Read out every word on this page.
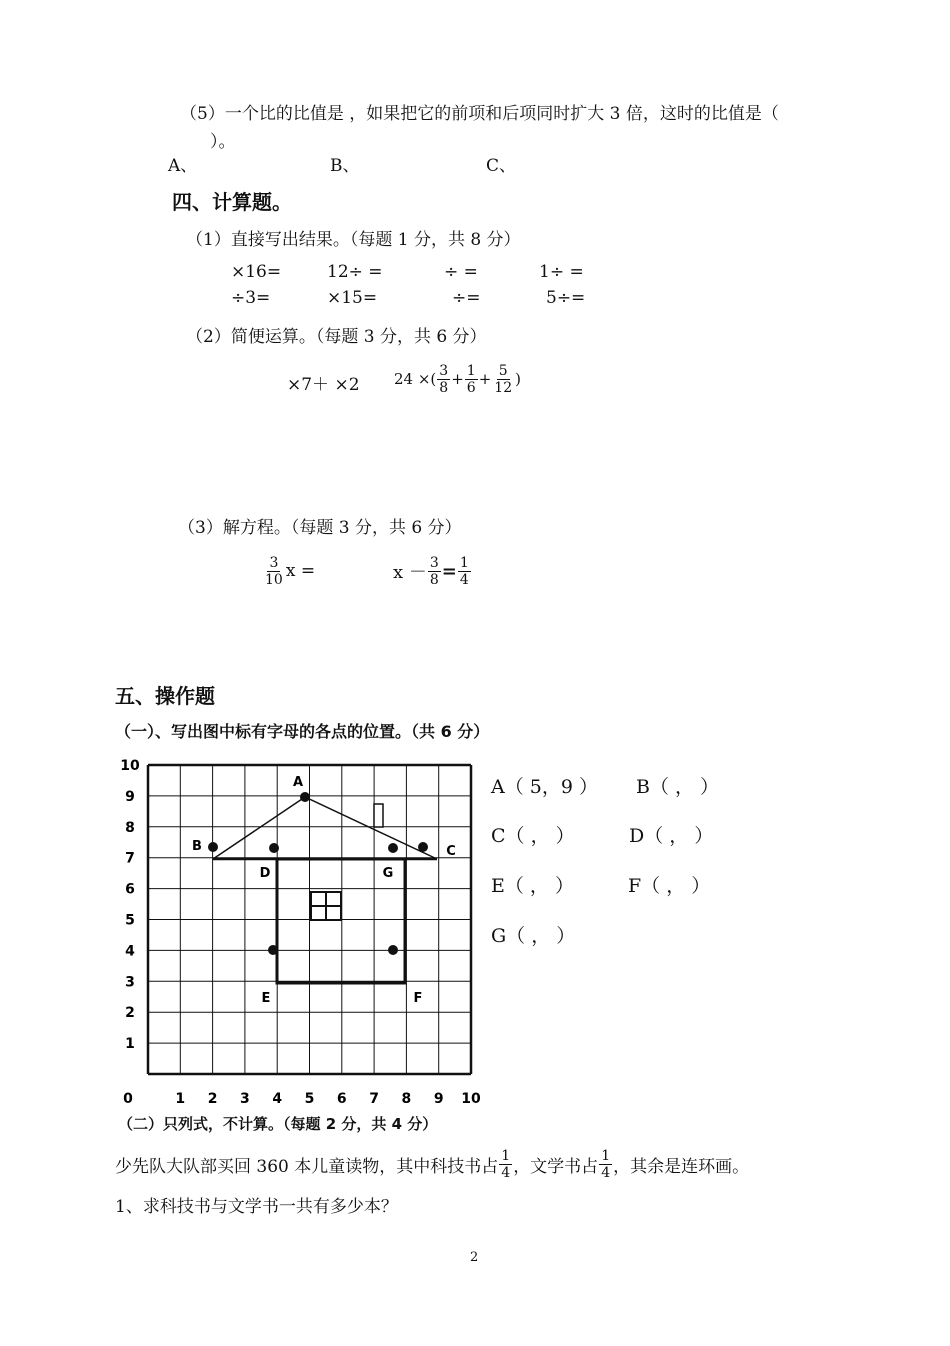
（5）一个比的比值是 ，如果把它的前项和后项同时扩大 3 倍，这时的比值是（
）。
A、	B、	C、
四、计算题。
（1）直接写出结果。（每题 1 分，共 8 分）
×16=	12÷ =	÷ =	1÷ =
÷3=	×15=	÷=	5÷=
（2）简便运算。（每题 3 分，共 6 分）
×7＋ ×2 24 ×( $\frac{3}{8} + \frac{1}{6} + \frac{5}{12}$ )
（3）解方程。（每题 3 分，共 6 分）
$\frac{3}{10}$ x =	$x - \frac{3}{8} = \frac{1}{4}$
五、操作题
（一）、写出图中标有字母的各点的位置。（共 6 分）
A
B	C
D	G
E	F
10
9
8
7
6
5
4
3
2
1
1 2 3 4 5 6 7 8 9 10
0
A（ 5，9 ） B（ ， ）
C（ ， ）	D（ ， ）
E（ ， ）	F（ ， ）
G（ ， ）
（二）只列式，不计算。（每题 2 分，共 4 分）
少先队大队部买回 360 本儿童读物，其中科技书占 $\frac{1}{4}$ ，文学书占 $\frac{1}{4}$ ，其余是连环画。
1、求科技书与文学书一共有多少本？
2
